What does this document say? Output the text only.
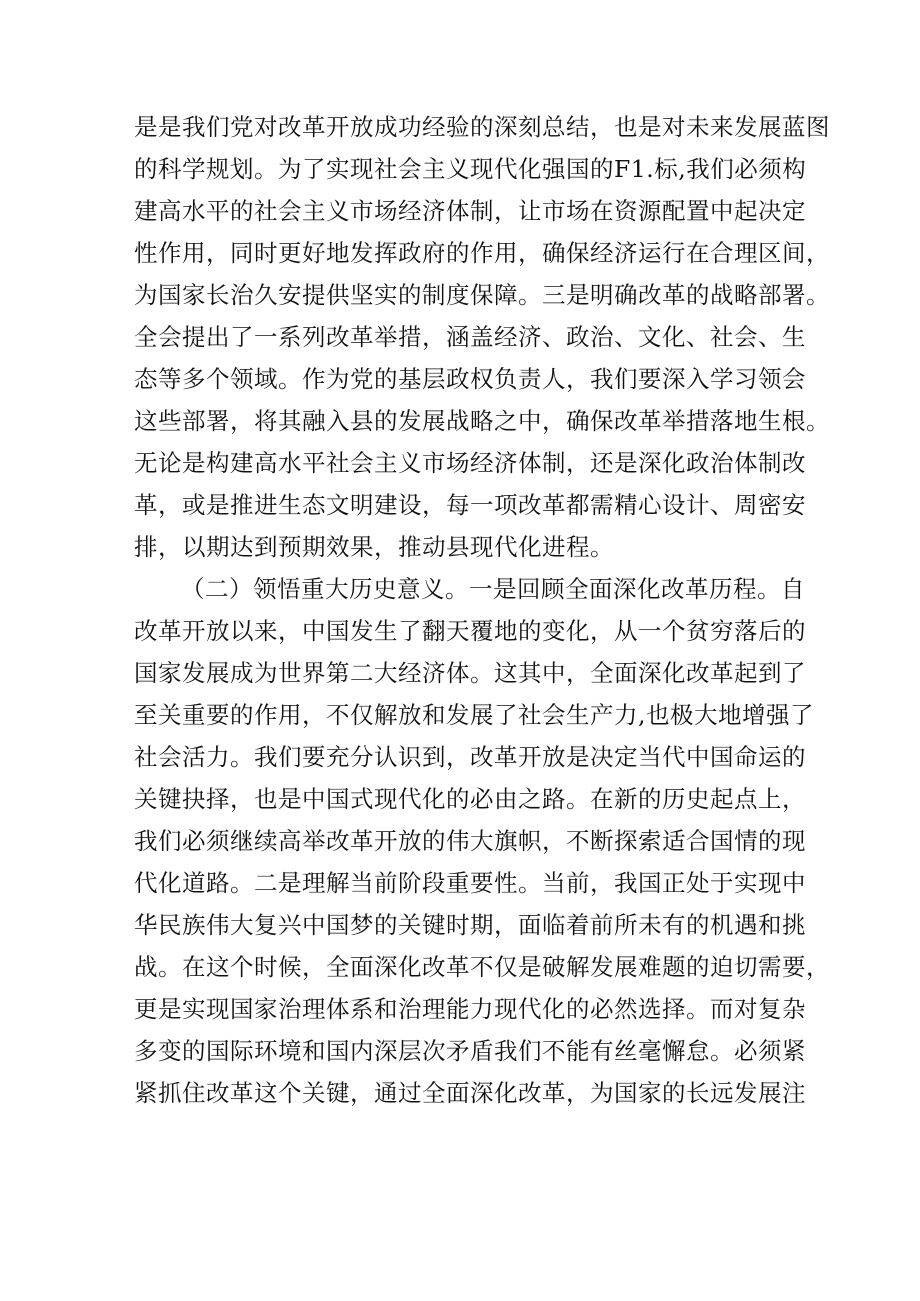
是是我们党对改革开放成功经验的深刻总结，也是对未来发展蓝图
的科学规划。为了实现社会主义现代化强国的F1.标,我们必须构
建高水平的社会主义市场经济体制，让市场在资源配置中起决定
性作用，同时更好地发挥政府的作用，确保经济运行在合理区间，
为国家长治久安提供坚实的制度保障。三是明确改革的战略部署。
全会提出了一系列改革举措，涵盖经济、政治、文化、社会、生
态等多个领域。作为党的基层政权负责人，我们要深入学习领会
这些部署，将其融入县的发展战略之中，确保改革举措落地生根。
无论是构建高水平社会主义市场经济体制，还是深化政治体制改
革，或是推进生态文明建设，每一项改革都需精心设计、周密安
排，以期达到预期效果，推动县现代化进程。
（二）领悟重大历史意义。一是回顾全面深化改革历程。自
改革开放以来，中国发生了翻天覆地的变化，从一个贫穷落后的
国家发展成为世界第二大经济体。这其中，全面深化改革起到了
至关重要的作用，不仅解放和发展了社会生产力,也极大地增强了
社会活力。我们要充分认识到，改革开放是决定当代中国命运的
关键抉择，也是中国式现代化的必由之路。在新的历史起点上，
我们必须继续高举改革开放的伟大旗帜，不断探索适合国情的现
代化道路。二是理解当前阶段重要性。当前，我国正处于实现中
华民族伟大复兴中国梦的关键时期，面临着前所未有的机遇和挑
战。在这个时候，全面深化改革不仅是破解发展难题的迫切需要，
更是实现国家治理体系和治理能力现代化的必然选择。而对复杂
多变的国际环境和国内深层次矛盾我们不能有丝毫懈怠。必须紧
紧抓住改革这个关键，通过全面深化改革，为国家的长远发展注
